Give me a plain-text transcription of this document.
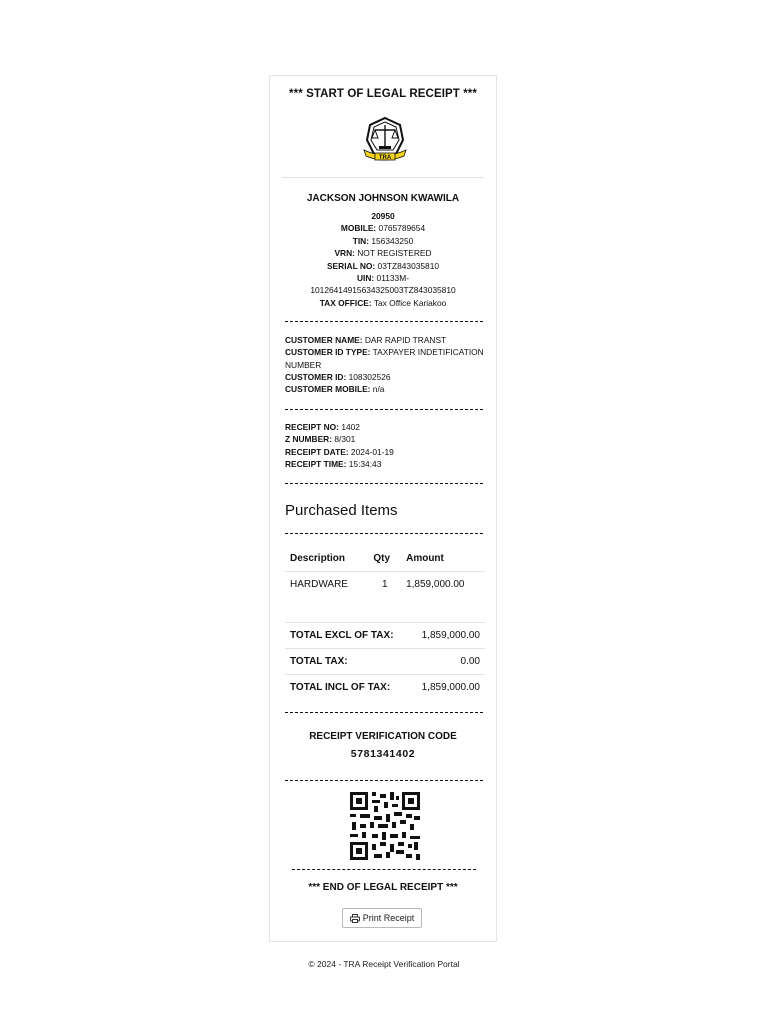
*** START OF LEGAL RECEIPT ***
TRA
JACKSON JOHNSON KWAWILA
20950
MOBILE: 0765789654
TIN: 156343250
VRN: NOT REGISTERED
SERIAL NO: 03TZ843035810
UIN: 01133M-
10126414915634325003TZ843035810
TAX OFFICE: Tax Office Kariakoo
CUSTOMER NAME: DAR RAPID TRANST
CUSTOMER ID TYPE: TAXPAYER INDETIFICATION
NUMBER
CUSTOMER ID: 108302526
CUSTOMER MOBILE: n/a
RECEIPT NO: 1402
Z NUMBER: 8/301
RECEIPT DATE: 2024-01-19
RECEIPT TIME: 15:34:43
Purchased Items
Description	Qty	Amount
HARDWARE	1	1,859,000.00
TOTAL EXCL OF TAX:	1,859,000.00
TOTAL TAX:	0.00
TOTAL INCL OF TAX:	1,859,000.00
RECEIPT VERIFICATION CODE
5781341402
*** END OF LEGAL RECEIPT ***
Print Receipt
© 2024 - TRA Receipt Verification Portal
